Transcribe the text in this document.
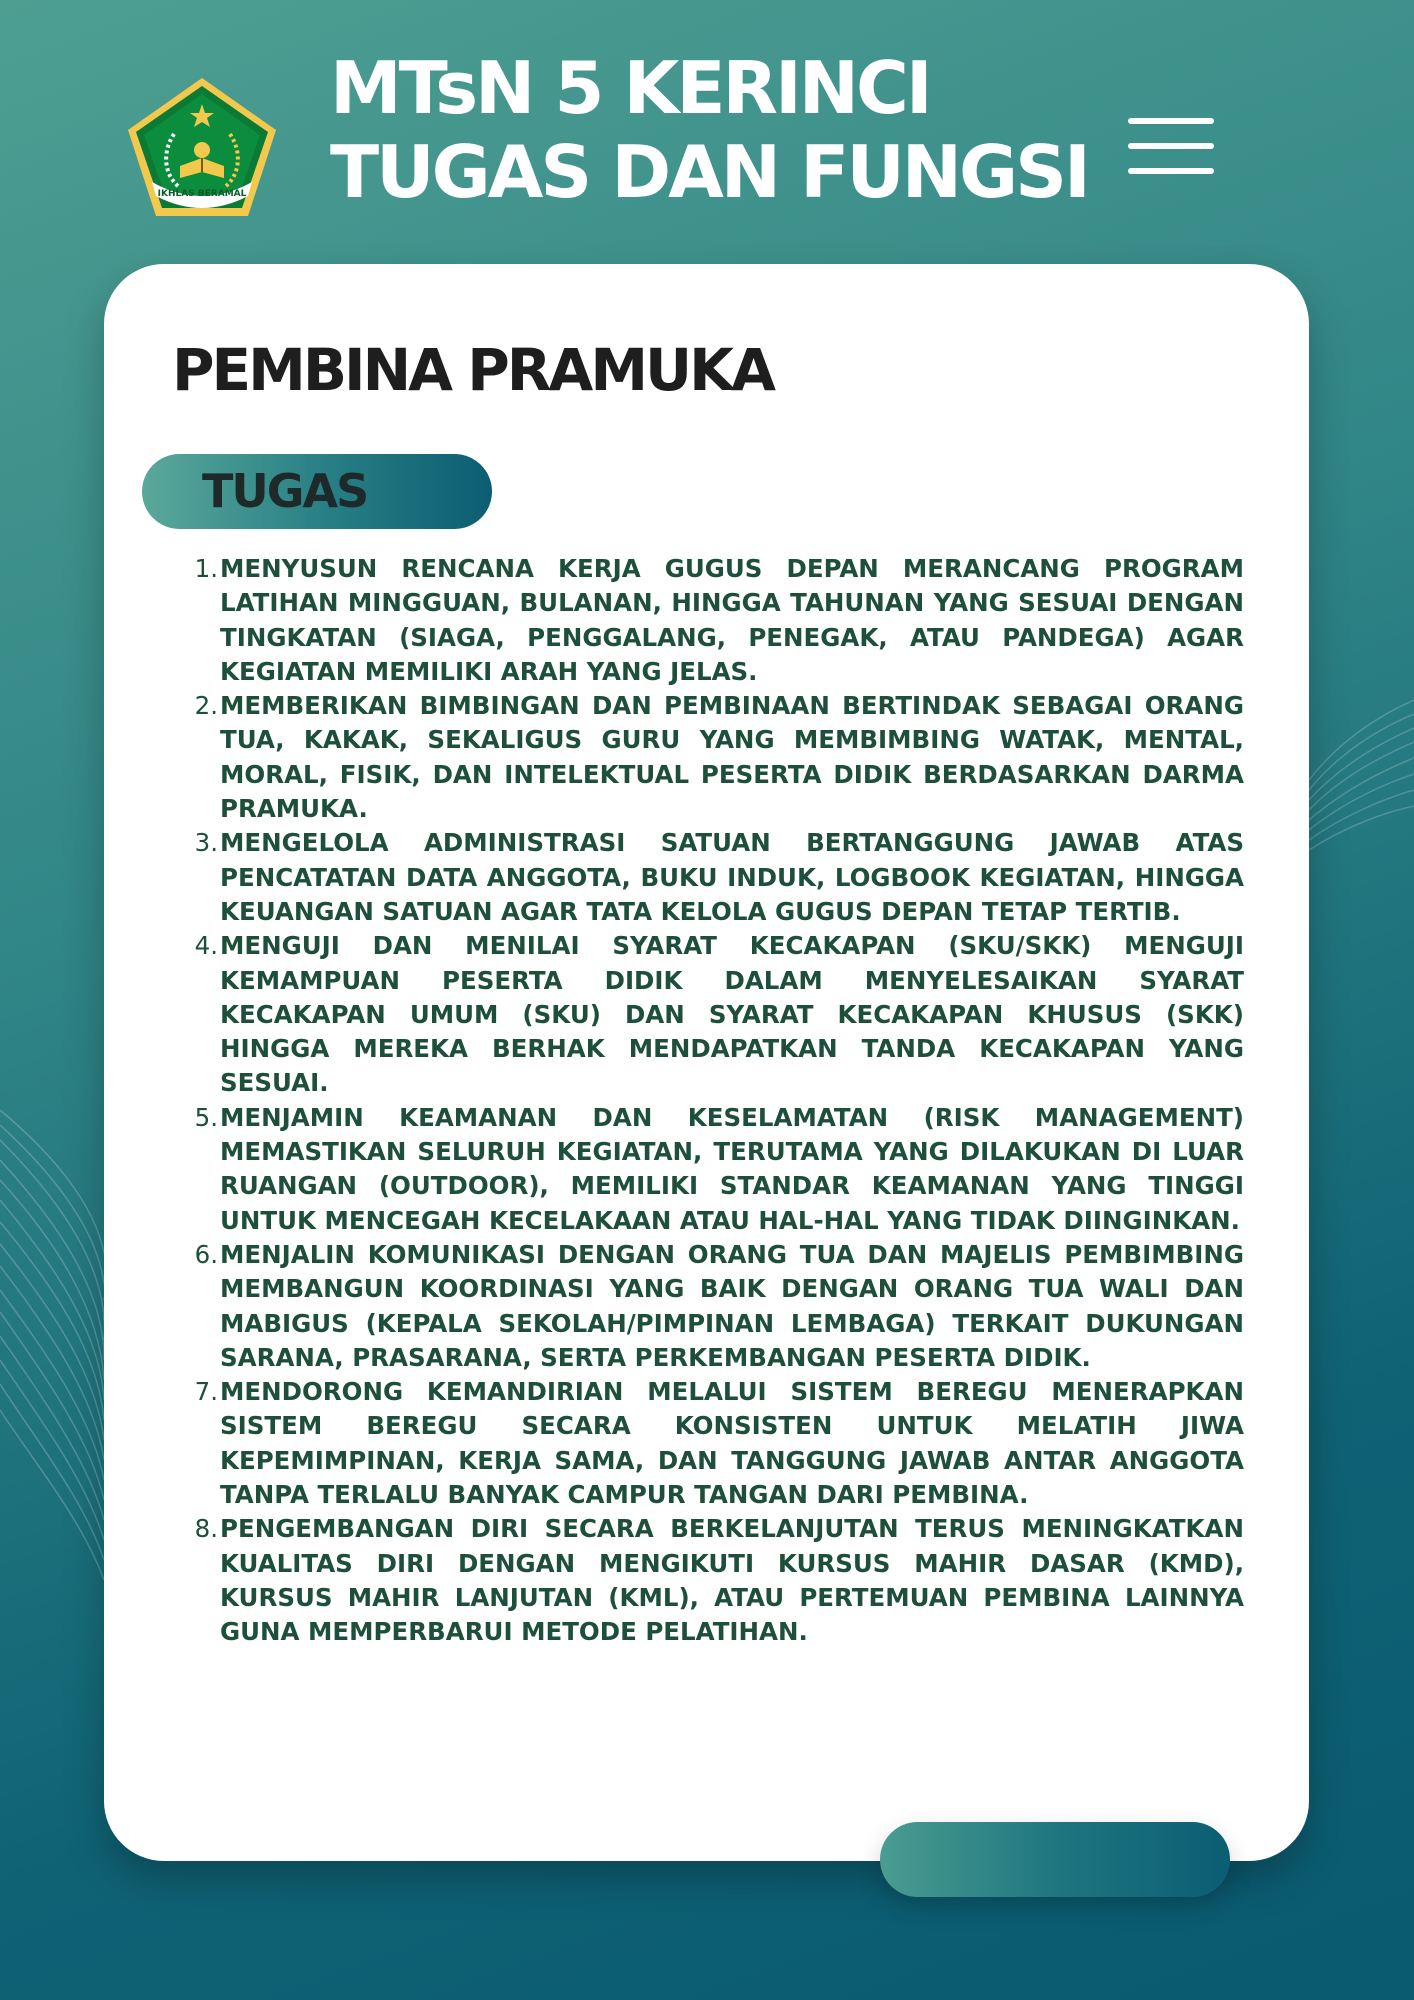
IKHLAS BERAMAL
MTsN 5 KERINCI
TUGAS DAN FUNGSI
PEMBINA PRAMUKA
TUGAS
1. MENYUSUN RENCANA KERJA GUGUS DEPAN MERANCANG PROGRAM LATIHAN MINGGUAN, BULANAN, HINGGA TAHUNAN YANG SESUAI DENGAN TINGKATAN (SIAGA, PENGGALANG, PENEGAK, ATAU PANDEGA) AGAR KEGIATAN MEMILIKI ARAH YANG JELAS.
2. MEMBERIKAN BIMBINGAN DAN PEMBINAAN BERTINDAK SEBAGAI ORANG TUA, KAKAK, SEKALIGUS GURU YANG MEMBIMBING WATAK, MENTAL, MORAL, FISIK, DAN INTELEKTUAL PESERTA DIDIK BERDASARKAN DARMA PRAMUKA.
3. MENGELOLA ADMINISTRASI SATUAN BERTANGGUNG JAWAB ATAS PENCATATAN DATA ANGGOTA, BUKU INDUK, LOGBOOK KEGIATAN, HINGGA KEUANGAN SATUAN AGAR TATA KELOLA GUGUS DEPAN TETAP TERTIB.
4. MENGUJI DAN MENILAI SYARAT KECAKAPAN (SKU/SKK) MENGUJI KEMAMPUAN PESERTA DIDIK DALAM MENYELESAIKAN SYARAT KECAKAPAN UMUM (SKU) DAN SYARAT KECAKAPAN KHUSUS (SKK) HINGGA MEREKA BERHAK MENDAPATKAN TANDA KECAKAPAN YANG SESUAI.
5. MENJAMIN KEAMANAN DAN KESELAMATAN (RISK MANAGEMENT) MEMASTIKAN SELURUH KEGIATAN, TERUTAMA YANG DILAKUKAN DI LUAR RUANGAN (OUTDOOR), MEMILIKI STANDAR KEAMANAN YANG TINGGI UNTUK MENCEGAH KECELAKAAN ATAU HAL-HAL YANG TIDAK DIINGINKAN.
6. MENJALIN KOMUNIKASI DENGAN ORANG TUA DAN MAJELIS PEMBIMBING MEMBANGUN KOORDINASI YANG BAIK DENGAN ORANG TUA WALI DAN MABIGUS (KEPALA SEKOLAH/PIMPINAN LEMBAGA) TERKAIT DUKUNGAN SARANA, PRASARANA, SERTA PERKEMBANGAN PESERTA DIDIK.
7. MENDORONG KEMANDIRIAN MELALUI SISTEM BEREGU MENERAPKAN SISTEM BEREGU SECARA KONSISTEN UNTUK MELATIH JIWA KEPEMIMPINAN, KERJA SAMA, DAN TANGGUNG JAWAB ANTAR ANGGOTA TANPA TERLALU BANYAK CAMPUR TANGAN DARI PEMBINA.
8. PENGEMBANGAN DIRI SECARA BERKELANJUTAN TERUS MENINGKATKAN KUALITAS DIRI DENGAN MENGIKUTI KURSUS MAHIR DASAR (KMD), KURSUS MAHIR LANJUTAN (KML), ATAU PERTEMUAN PEMBINA LAINNYA GUNA MEMPERBARUI METODE PELATIHAN.
